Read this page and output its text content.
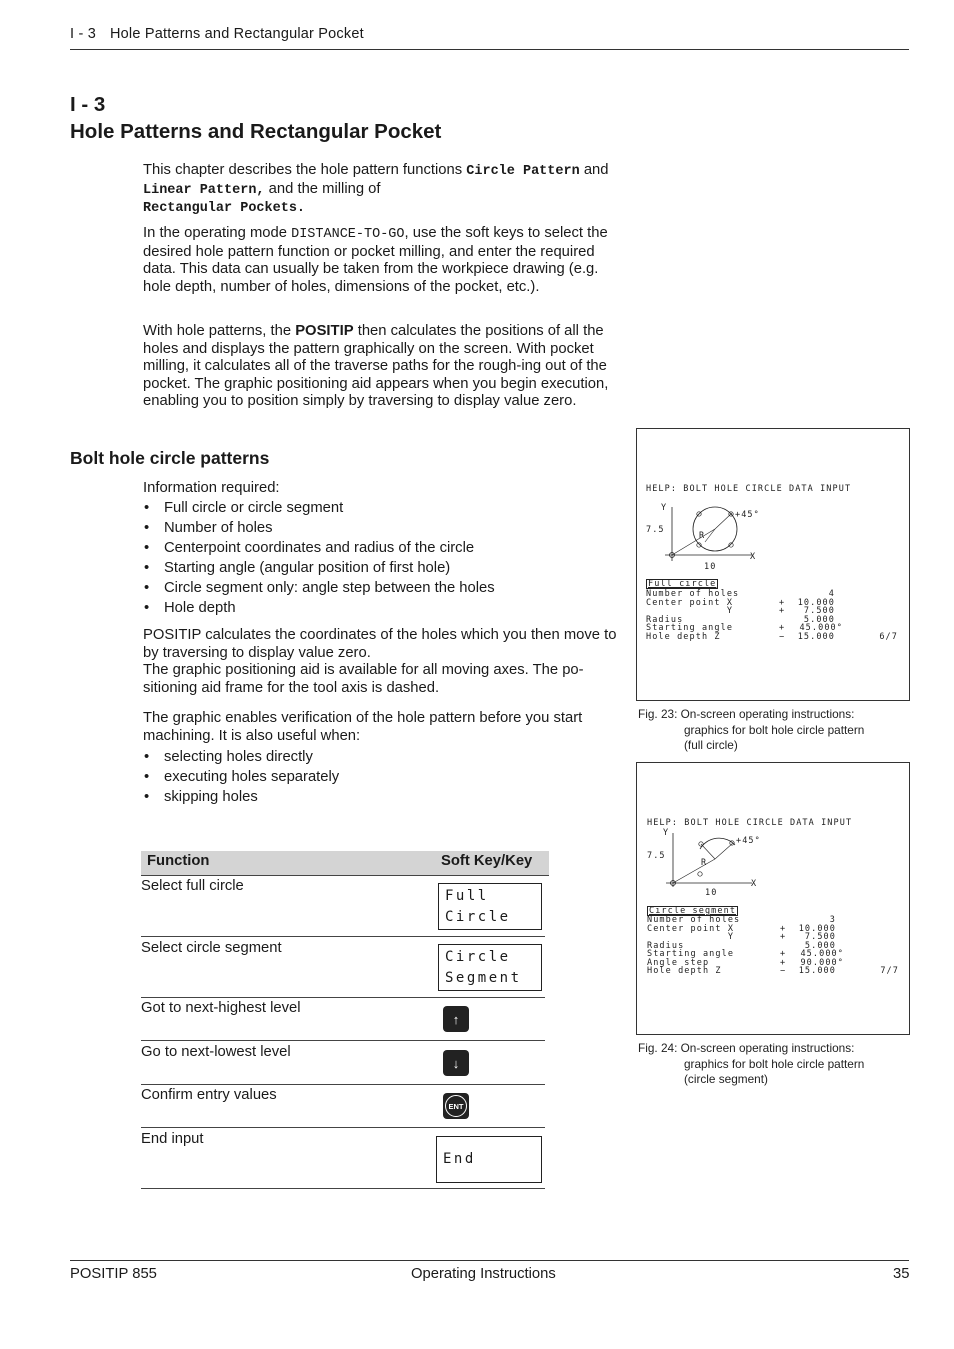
I - 3 Hole Patterns and Rectangular Pocket
I - 3
Hole Patterns and Rectangular Pocket
This chapter describes the hole pattern functions Circle Pattern and Linear Pattern, and the milling of
Rectangular Pockets.
In the operating mode DISTANCE-TO-GO, use the soft keys to select the desired hole pattern function or pocket milling, and enter the required data. This data can usually be taken from the workpiece drawing (e.g. hole depth, number of holes, dimensions of the pocket, etc.).
With hole patterns, the POSITIP then calculates the positions of all the holes and displays the pattern graphically on the screen. With pocket milling, it calculates all of the traverse paths for the rough-ing out of the pocket. The graphic positioning aid appears when you begin execution, enabling you to position simply by traversing to display value zero.
Bolt hole circle patterns
Information required:
• Full circle or circle segment
• Number of holes
• Centerpoint coordinates and radius of the circle
• Starting angle (angular position of first hole)
• Circle segment only: angle step between the holes
• Hole depth
POSITIP calculates the coordinates of the holes which you then move to by traversing to display value zero.
The graphic positioning aid is available for all moving axes. The po-sitioning aid frame for the tool axis is dashed.
The graphic enables verification of the hole pattern before you start machining. It is also useful when:
• selecting holes directly
• executing holes separately
• skipping holes
Function	Soft Key/Key
Select full circle
Full
Circle
Select circle segment
Circle
Segment
Got to next-highest level
↑
Go to next-lowest level
↓
Confirm entry values
ENT
End input
End
HELP: BOLT HOLE CIRCLE DATA INPUT
Y
7.5
X
10
+45°
R
Full circle
Number of holes	4
Center point X	+ 10.000
Y	+ 7.500
Radius	5.000
Starting angle	+ 45.000°
Hole depth Z	− 15.000	6/7
Fig. 23: On-screen operating instructions:
graphics for bolt hole circle pattern
(full circle)
HELP: BOLT HOLE CIRCLE DATA INPUT
Y
7.5
X
10
+45°
R
Circle segment
Number of holes	3
Center point X	+ 10.000
Y	+ 7.500
Radius	5.000
Starting angle	+ 45.000°
Angle step	+ 90.000°
Hole depth Z	− 15.000	7/7
Fig. 24: On-screen operating instructions:
graphics for bolt hole circle pattern
(circle segment)
POSITIP 855	Operating Instructions	35
